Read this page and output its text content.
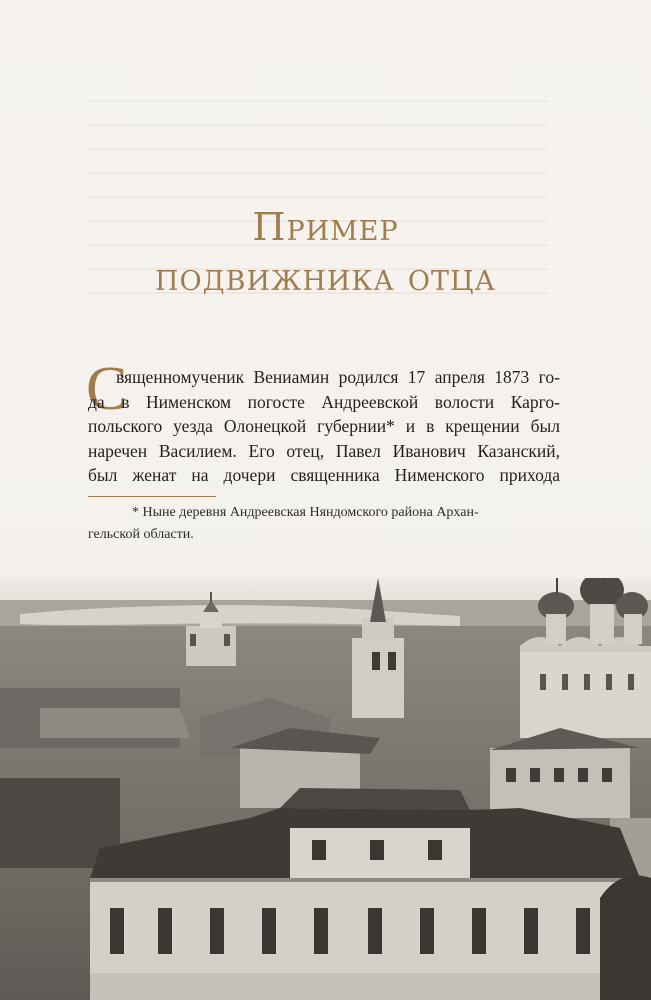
Пример
подвижника отца
С
вященномученик Вениамин родился 17 апреля 1873 го-
да в Нименском погосте Андреевской волости Карго-
польского уезда Олонецкой губернии* и в крещении был
наречен Василием. Его отец, Павел Иванович Казанский,
был женат на дочери священника Нименского прихода
* Ныне деревня Андреевская Няндомского района Архан-
гельской области.
